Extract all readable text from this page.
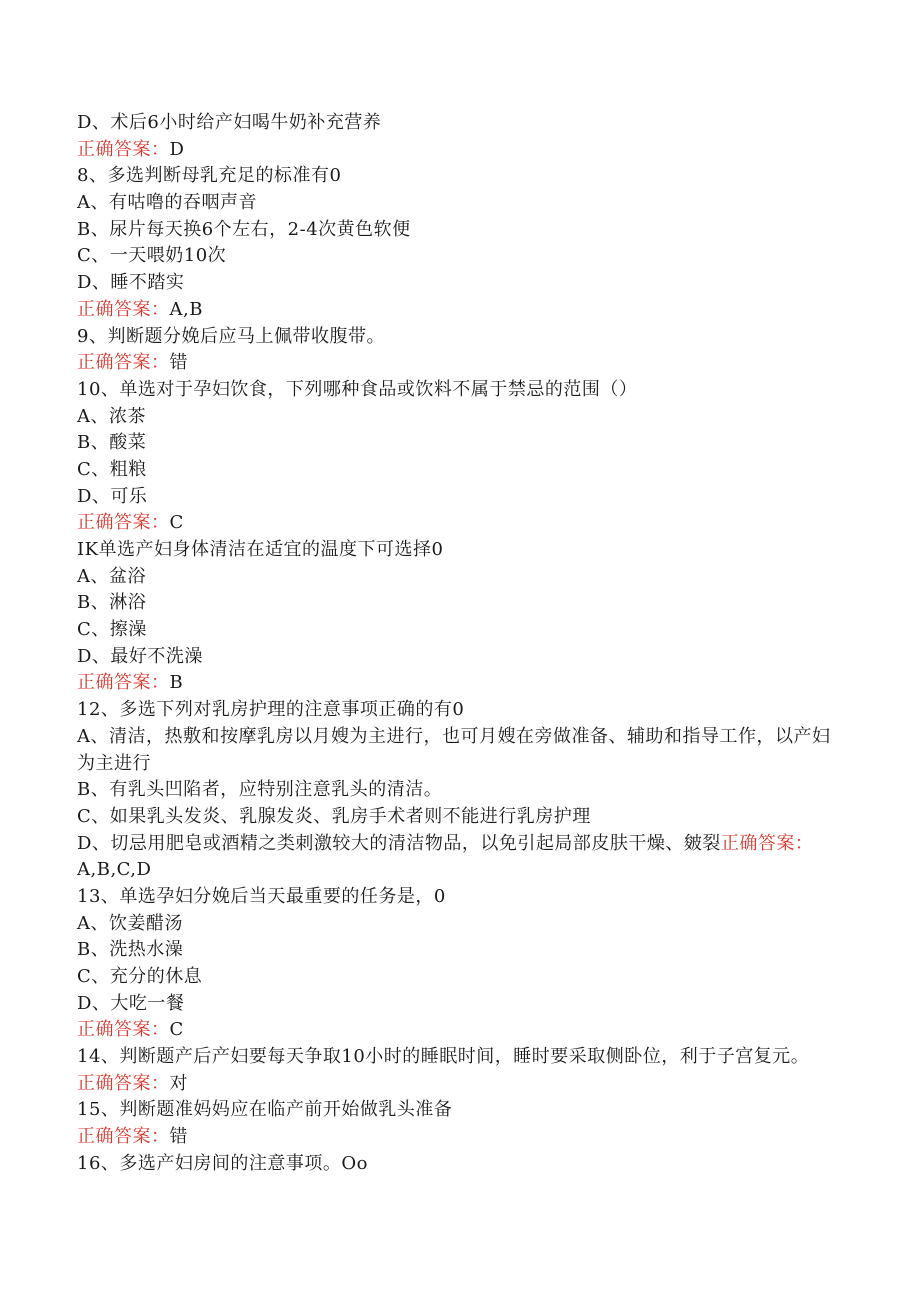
D、术后6小时给产妇喝牛奶补充营养
正确答案：D
8、多选判断母乳充足的标准有0
A、有咕噜的吞咽声音
B、尿片每天换6个左右，2-4次黄色软便
C、一天喂奶10次
D、睡不踏实
正确答案：A,B
9、判断题分娩后应马上佩带收腹带。
正确答案：错
10、单选对于孕妇饮食，下列哪种食品或饮料不属于禁忌的范围（）
A、浓茶
B、酸菜
C、粗粮
D、可乐
正确答案：C
IK单选产妇身体清洁在适宜的温度下可选择0
A、盆浴
B、淋浴
C、擦澡
D、最好不洗澡
正确答案：B
12、多选下列对乳房护理的注意事项正确的有0
A、清洁，热敷和按摩乳房以月嫂为主进行，也可月嫂在旁做准备、辅助和指导工作，以产妇
为主进行
B、有乳头凹陷者，应特别注意乳头的清洁。
C、如果乳头发炎、乳腺发炎、乳房手术者则不能进行乳房护理
D、切忌用肥皂或酒精之类刺激较大的清洁物品，以免引起局部皮肤干燥、皴裂正确答案：
A,B,C,D
13、单选孕妇分娩后当天最重要的任务是，0
A、饮姜醋汤
B、洗热水澡
C、充分的休息
D、大吃一餐
正确答案：C
14、判断题产后产妇要每天争取10小时的睡眠时间，睡时要采取侧卧位，利于子宫复元。
正确答案：对
15、判断题准妈妈应在临产前开始做乳头准备
正确答案：错
16、多选产妇房间的注意事项。Oo
